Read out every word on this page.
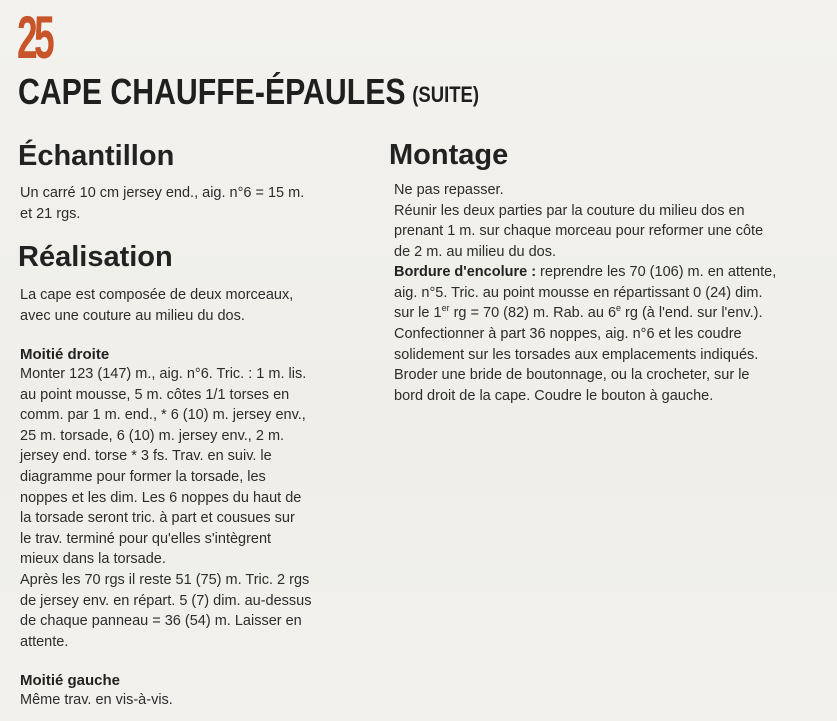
25
CAPE CHAUFFE-ÉPAULES (SUITE)
Échantillon
Un carré 10 cm jersey end., aig. n°6 = 15 m.
et 21 rgs.
Réalisation
La cape est composée de deux morceaux,
avec une couture au milieu du dos.
Moitié droite
Monter 123 (147) m., aig. n°6. Tric. : 1 m. lis.
au point mousse, 5 m. côtes 1/1 torses en
comm. par 1 m. end., * 6 (10) m. jersey env.,
25 m. torsade, 6 (10) m. jersey env., 2 m.
jersey end. torse * 3 fs. Trav. en suiv. le
diagramme pour former la torsade, les
noppes et les dim. Les 6 noppes du haut de
la torsade seront tric. à part et cousues sur
le trav. terminé pour qu'elles s'intègrent
mieux dans la torsade.
Après les 70 rgs il reste 51 (75) m. Tric. 2 rgs
de jersey env. en répart. 5 (7) dim. au-dessus
de chaque panneau = 36 (54) m. Laisser en
attente.
Moitié gauche
Même trav. en vis-à-vis.
Montage
Ne pas repasser.
Réunir les deux parties par la couture du milieu dos en
prenant 1 m. sur chaque morceau pour reformer une côte
de 2 m. au milieu du dos.
Bordure d'encolure : reprendre les 70 (106) m. en attente,
aig. n°5. Tric. au point mousse en répartissant 0 (24) dim.
sur le 1er rg = 70 (82) m. Rab. au 6e rg (à l'end. sur l'env.).
Confectionner à part 36 noppes, aig. n°6 et les coudre
solidement sur les torsades aux emplacements indiqués.
Broder une bride de boutonnage, ou la crocheter, sur le
bord droit de la cape. Coudre le bouton à gauche.
